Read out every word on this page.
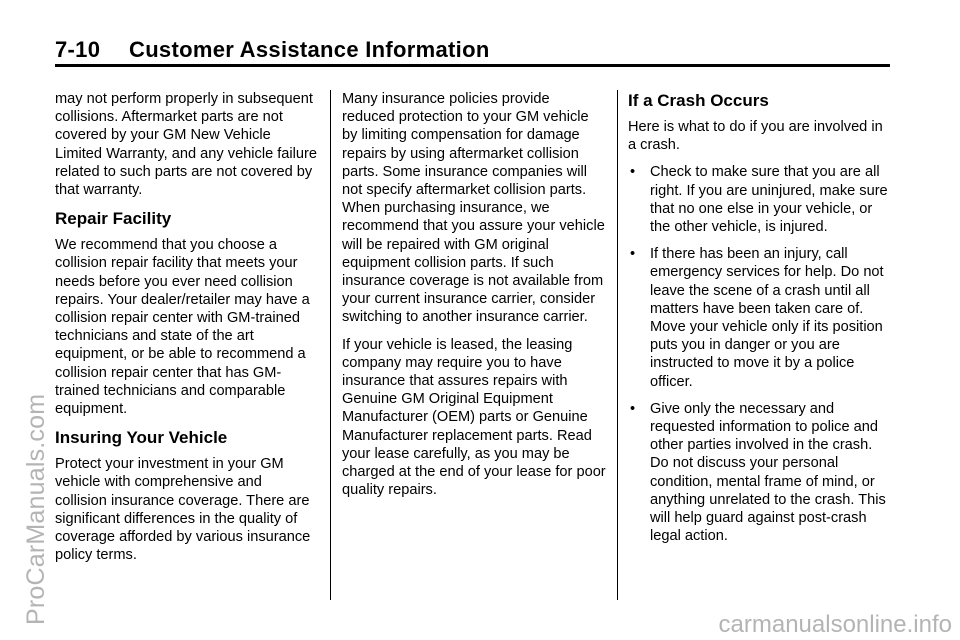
7-10 Customer Assistance Information

may not perform properly in subsequent collisions. Aftermarket parts are not covered by your GM New Vehicle Limited Warranty, and any vehicle failure related to such parts are not covered by that warranty.

Repair Facility

We recommend that you choose a collision repair facility that meets your needs before you ever need collision repairs. Your dealer/retailer may have a collision repair center with GM-trained technicians and state of the art equipment, or be able to recommend a collision repair center that has GM-trained technicians and comparable equipment.

Insuring Your Vehicle

Protect your investment in your GM vehicle with comprehensive and collision insurance coverage. There are significant differences in the quality of coverage afforded by various insurance policy terms.

Many insurance policies provide reduced protection to your GM vehicle by limiting compensation for damage repairs by using aftermarket collision parts. Some insurance companies will not specify aftermarket collision parts. When purchasing insurance, we recommend that you assure your vehicle will be repaired with GM original equipment collision parts. If such insurance coverage is not available from your current insurance carrier, consider switching to another insurance carrier.

If your vehicle is leased, the leasing company may require you to have insurance that assures repairs with Genuine GM Original Equipment Manufacturer (OEM) parts or Genuine Manufacturer replacement parts. Read your lease carefully, as you may be charged at the end of your lease for poor quality repairs.

If a Crash Occurs

Here is what to do if you are involved in a crash.

• Check to make sure that you are all right. If you are uninjured, make sure that no one else in your vehicle, or the other vehicle, is injured.
• If there has been an injury, call emergency services for help. Do not leave the scene of a crash until all matters have been taken care of. Move your vehicle only if its position puts you in danger or you are instructed to move it by a police officer.
• Give only the necessary and requested information to police and other parties involved in the crash. Do not discuss your personal condition, mental frame of mind, or anything unrelated to the crash. This will help guard against post-crash legal action.
ProCarManuals.com	carmanualsonline.info
